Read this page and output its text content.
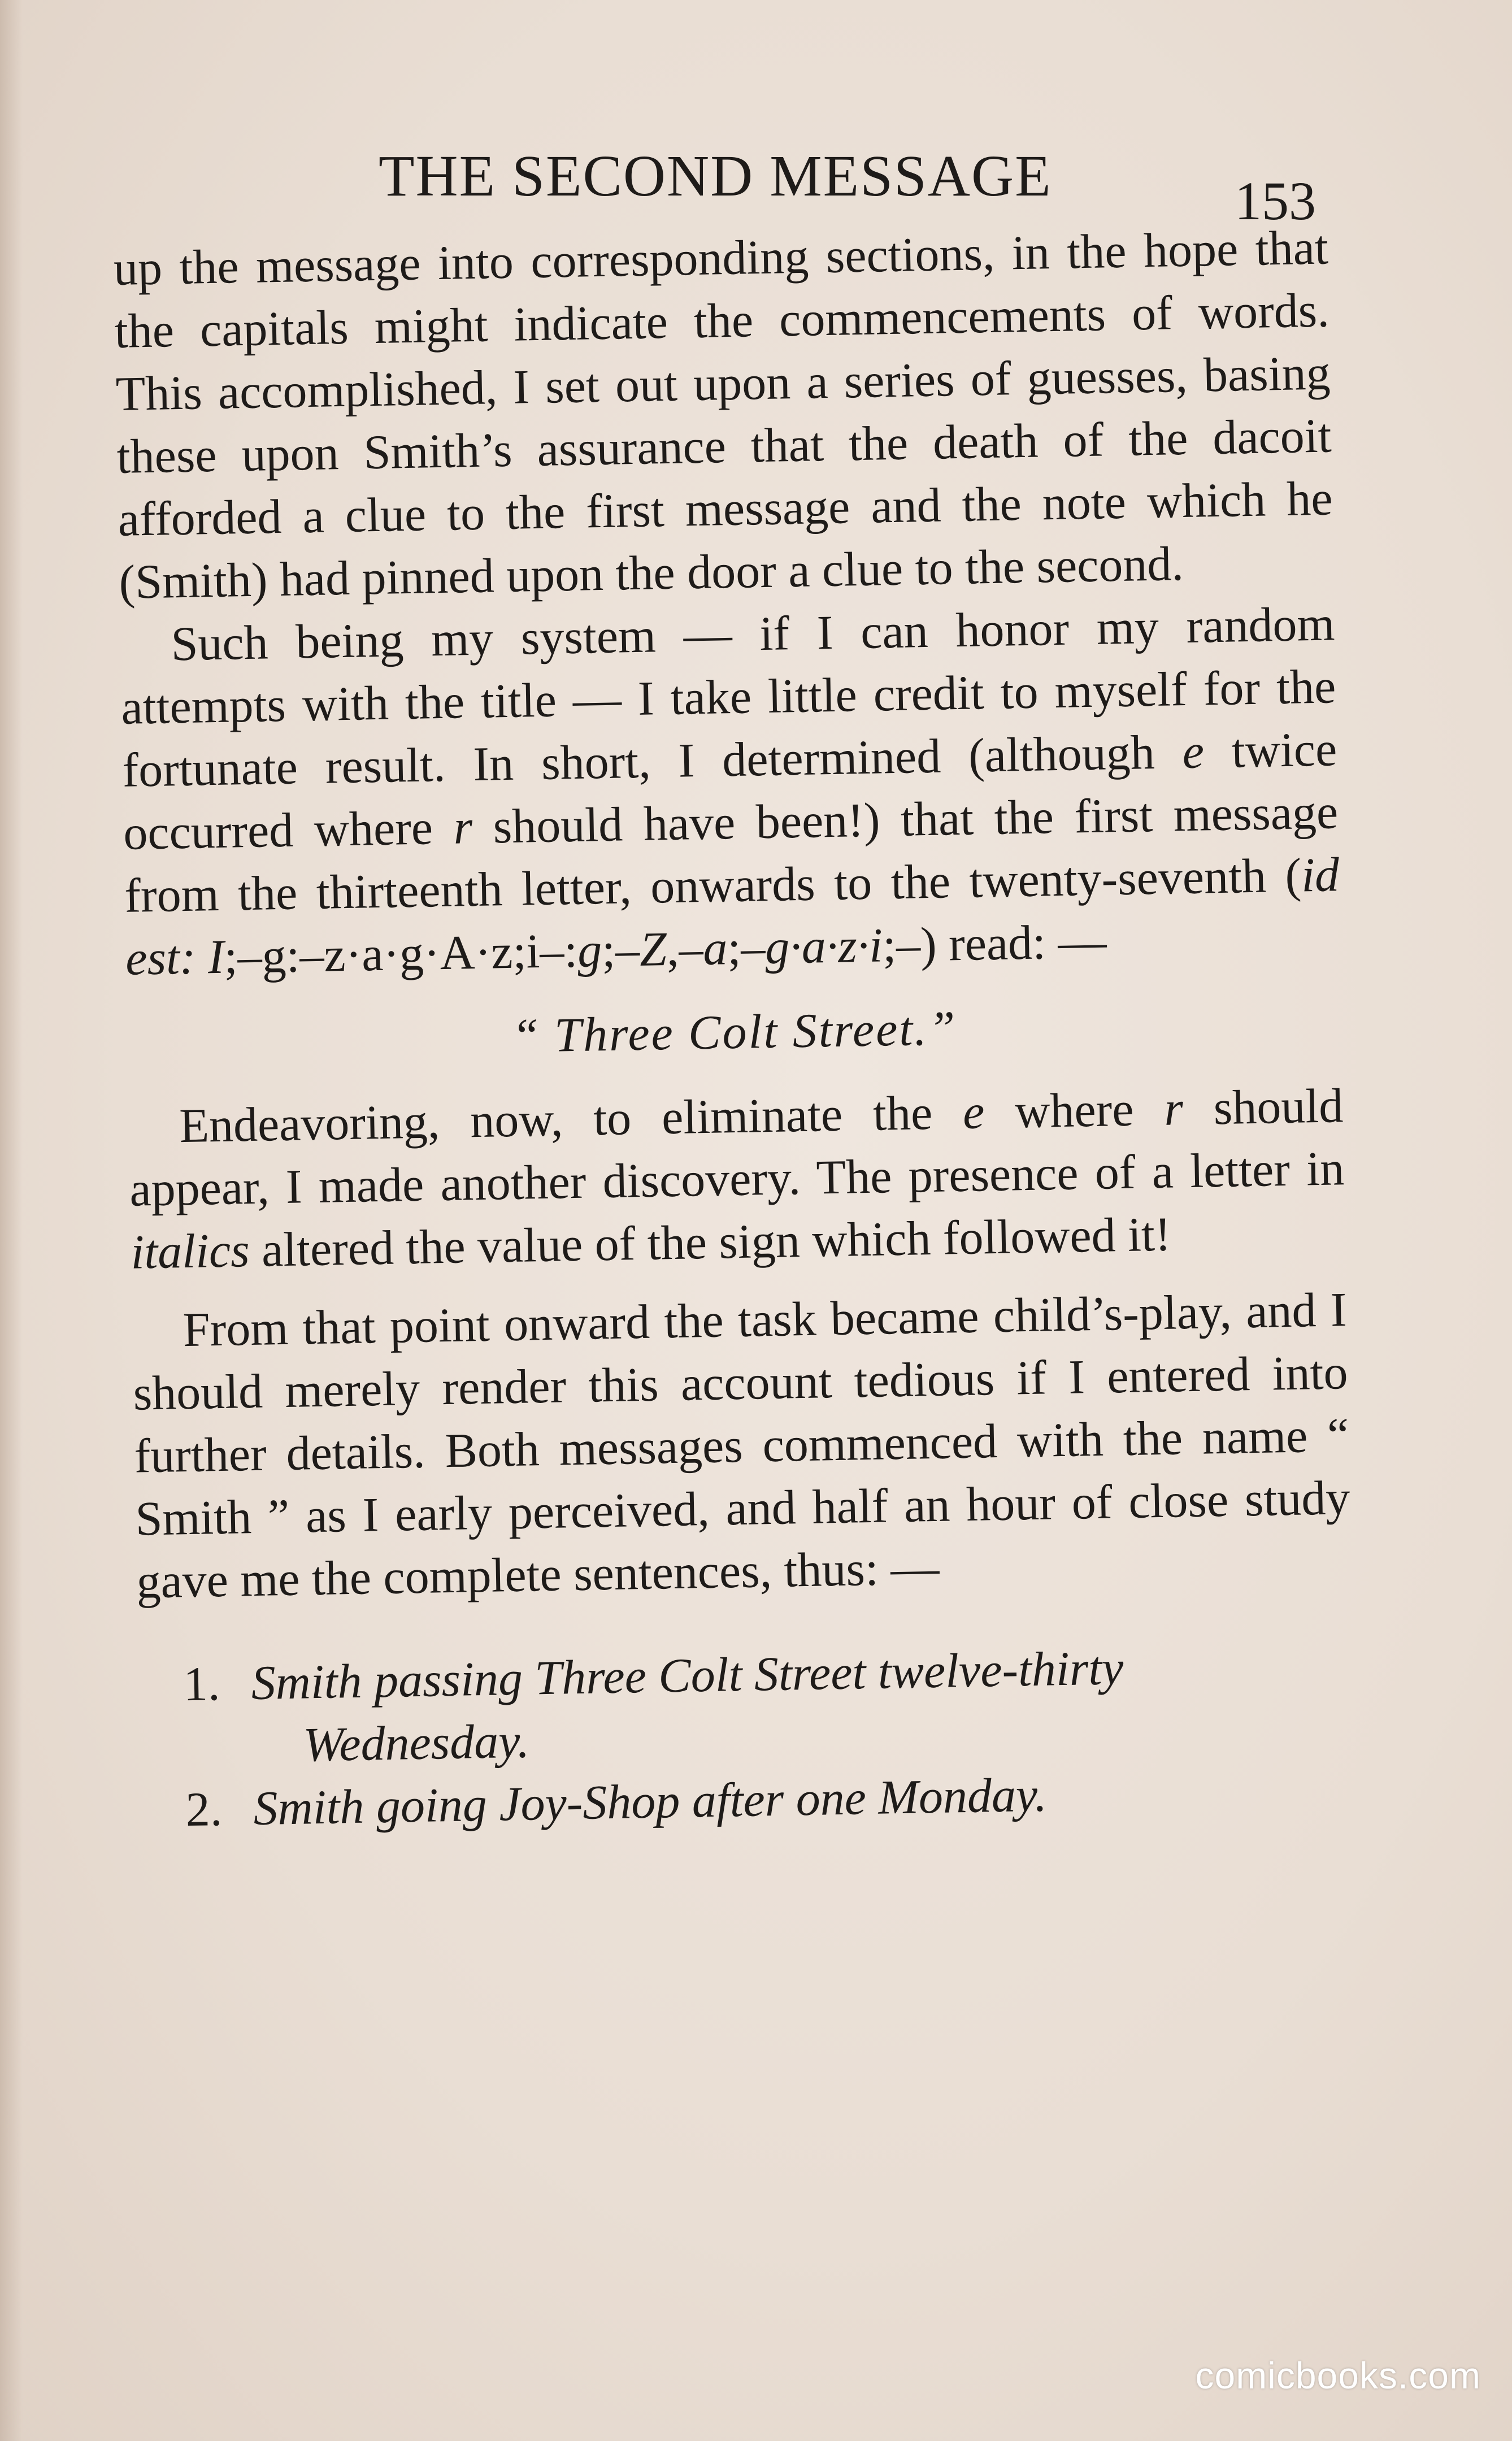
THE SECOND MESSAGE	153

up the message into corresponding sections, in the hope that the capitals might indicate the commencements of words. This accomplished, I set out upon a series of guesses, basing these upon Smith’s assurance that the death of the dacoit afforded a clue to the first message and the note which he (Smith) had pinned upon the door a clue to the second.

Such being my system — if I can honor my random attempts with the title — I take little credit to myself for the fortunate result. In short, I determined (although e twice occurred where r should have been!) that the first message from the thirteenth letter, onwards to the twenty-seventh (id est: I;–g:–z·a·g·A·z;i–:g;–Z,–a;–g·a·z·i;–) read: —

“ Three Colt Street.”

Endeavoring, now, to eliminate the e where r should appear, I made another discovery. The presence of a letter in italics altered the value of the sign which followed it!

From that point onward the task became child’s-play, and I should merely render this account tedious if I entered into further details. Both messages commenced with the name “ Smith ” as I early perceived, and half an hour of close study gave me the complete sentences, thus: —

1. Smith passing Three Colt Street twelve-thirty
Wednesday.
2. Smith going Joy-Shop after one Monday.
comicbooks.com
